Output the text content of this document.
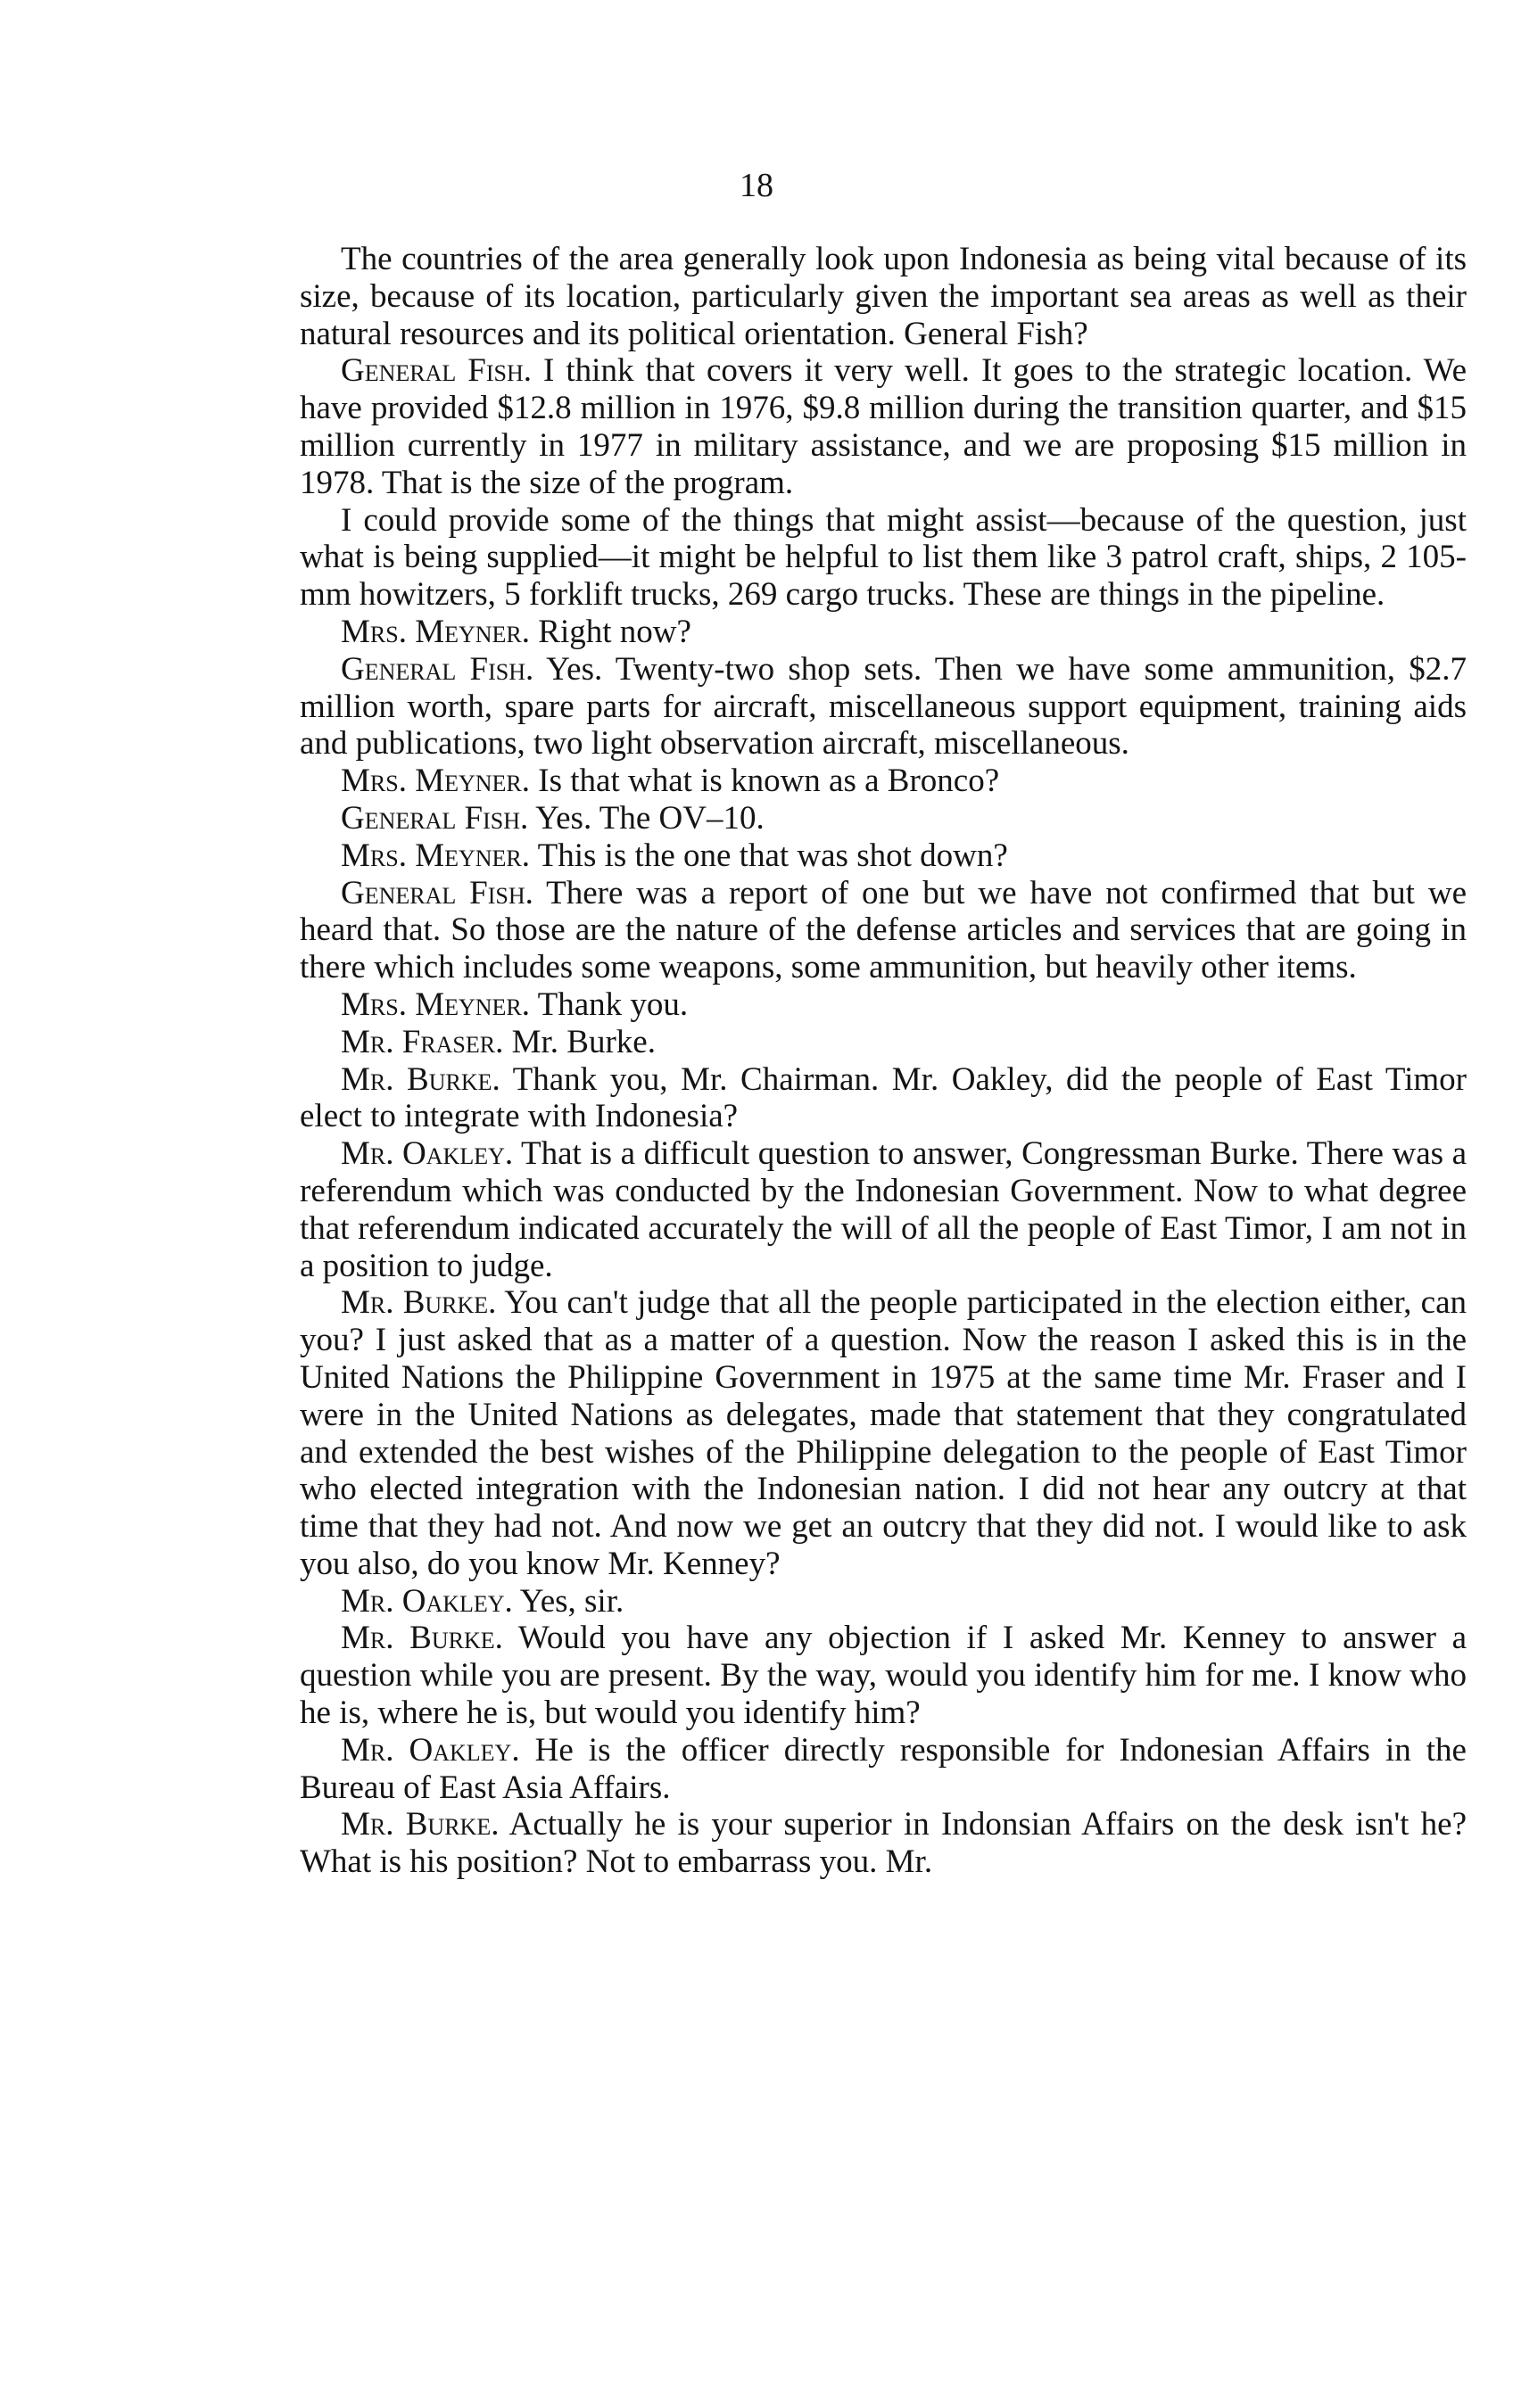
18

The countries of the area generally look upon Indonesia as being vital because of its size, because of its location, particularly given the important sea areas as well as their natural resources and its political orientation. General Fish?

General Fish. I think that covers it very well. It goes to the strategic location. We have provided $12.8 million in 1976, $9.8 million during the transition quarter, and $15 million currently in 1977 in military assistance, and we are proposing $15 million in 1978. That is the size of the program.

I could provide some of the things that might assist—because of the question, just what is being supplied—it might be helpful to list them like 3 patrol craft, ships, 2 105-mm howitzers, 5 forklift trucks, 269 cargo trucks. These are things in the pipeline.

Mrs. Meyner. Right now?

General Fish. Yes. Twenty-two shop sets. Then we have some ammunition, $2.7 million worth, spare parts for aircraft, miscellaneous support equipment, training aids and publications, two light observation aircraft, miscellaneous.

Mrs. Meyner. Is that what is known as a Bronco?

General Fish. Yes. The OV–10.

Mrs. Meyner. This is the one that was shot down?

General Fish. There was a report of one but we have not confirmed that but we heard that. So those are the nature of the defense articles and services that are going in there which includes some weapons, some ammunition, but heavily other items.

Mrs. Meyner. Thank you.

Mr. Fraser. Mr. Burke.

Mr. Burke. Thank you, Mr. Chairman. Mr. Oakley, did the people of East Timor elect to integrate with Indonesia?

Mr. Oakley. That is a difficult question to answer, Congressman Burke. There was a referendum which was conducted by the Indonesian Government. Now to what degree that referendum indicated accurately the will of all the people of East Timor, I am not in a position to judge.

Mr. Burke. You can't judge that all the people participated in the election either, can you? I just asked that as a matter of a question. Now the reason I asked this is in the United Nations the Philippine Government in 1975 at the same time Mr. Fraser and I were in the United Nations as delegates, made that statement that they congratulated and extended the best wishes of the Philippine delegation to the people of East Timor who elected integration with the Indonesian nation. I did not hear any outcry at that time that they had not. And now we get an outcry that they did not. I would like to ask you also, do you know Mr. Kenney?

Mr. Oakley. Yes, sir.

Mr. Burke. Would you have any objection if I asked Mr. Kenney to answer a question while you are present. By the way, would you identify him for me. I know who he is, where he is, but would you identify him?

Mr. Oakley. He is the officer directly responsible for Indonesian Affairs in the Bureau of East Asia Affairs.

Mr. Burke. Actually he is your superior in Indonsian Affairs on the desk isn't he? What is his position? Not to embarrass you. Mr.
